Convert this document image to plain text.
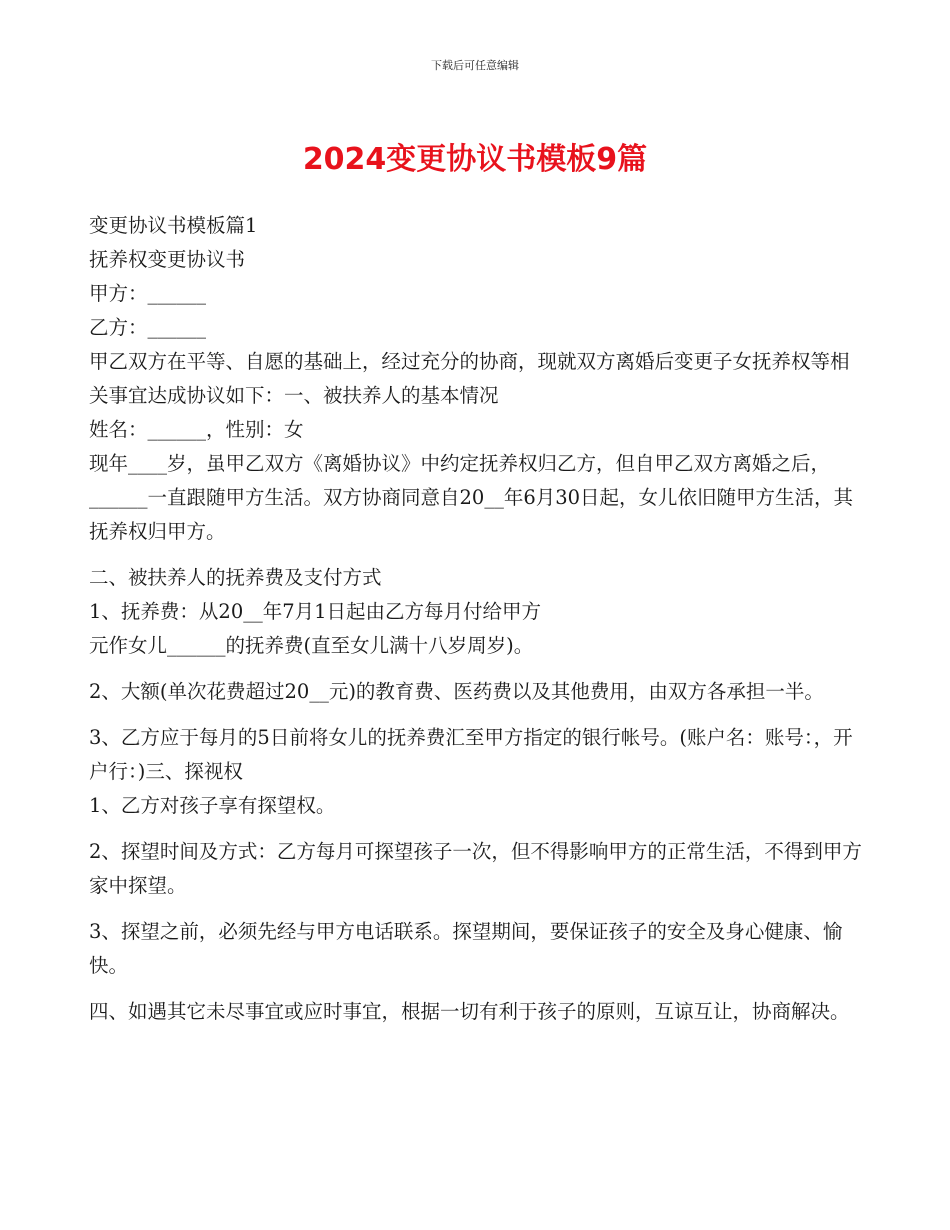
下载后可任意编辑
2024变更协议书模板9篇

变更协议书模板篇1

抚养权变更协议书

甲方：______

乙方：______

甲乙双方在平等、自愿的基础上，经过充分的协商，现就双方离婚后变更子女抚养权等相关事宜达成协议如下：一、被扶养人的基本情况

姓名：______，性别：女

现年____岁，虽甲乙双方《离婚协议》中约定抚养权归乙方，但自甲乙双方离婚之后，______一直跟随甲方生活。双方协商同意自20__年6月30日起，女儿依旧随甲方生活，其抚养权归甲方。

二、被扶养人的抚养费及支付方式

1、抚养费：从20__年7月1日起由乙方每月付给甲方

元作女儿______的抚养费(直至女儿满十八岁周岁)。

2、大额(单次花费超过20__元)的教育费、医药费以及其他费用，由双方各承担一半。

3、乙方应于每月的5日前将女儿的抚养费汇至甲方指定的银行帐号。(账户名：账号：，开户行：)三、探视权

1、乙方对孩子享有探望权。

2、探望时间及方式：乙方每月可探望孩子一次，但不得影响甲方的正常生活，不得到甲方家中探望。

3、探望之前，必须先经与甲方电话联系。探望期间，要保证孩子的安全及身心健康、愉快。

四、如遇其它未尽事宜或应时事宜，根据一切有利于孩子的原则，互谅互让，协商解决。
